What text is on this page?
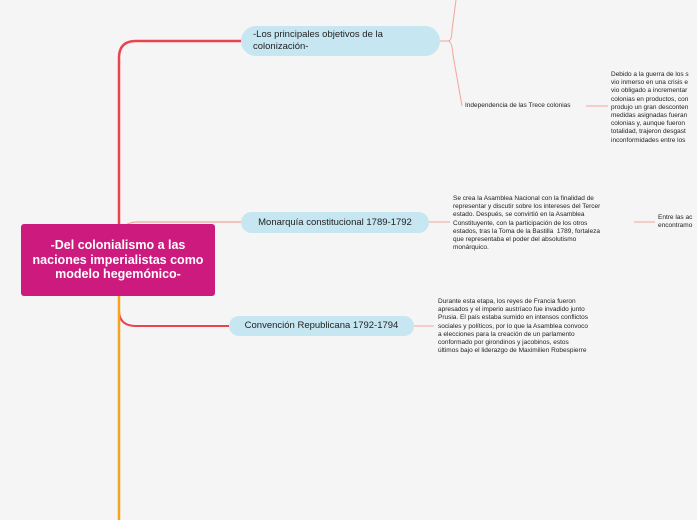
-Del colonialismo a las naciones imperialistas como modelo hegemónico-
-Los principales objetivos de la colonización-
Monarquía constitucional 1789-1792
Convención Republicana 1792-1794
Independencia de las Trece colonias
Debido a la guerra de los s
vio inmerso en una crisis e
vio obligado a incrementar
colonias en productos, con
produjo un gran desconten
medidas asignadas fueran
colonias y, aunque fueron
totalidad, trajeron desgast
inconformidades entre los
Se crea la Asamblea Nacional con la finalidad de
representar y discutir sobre los intereses del Tercer
estado. Después, se convirtió en la Asamblea
Constituyente, con la participación de los otros
estados, tras la Toma de la Bastilla  1789, fortaleza
que representaba el poder del absolutismo
monárquico.
Entre las ac
encontramo
Durante esta etapa, los reyes de Francia fueron
apresados y el imperio austríaco fue invadido junto
Prusia. El país estaba sumido en intensos conflictos
sociales y políticos, por lo que la Asamblea convoco
a elecciones para la creación de un parlamento
conformado por girondinos y jacobinos, estos
últimos bajo el liderazgo de Maximilien Robespierre
